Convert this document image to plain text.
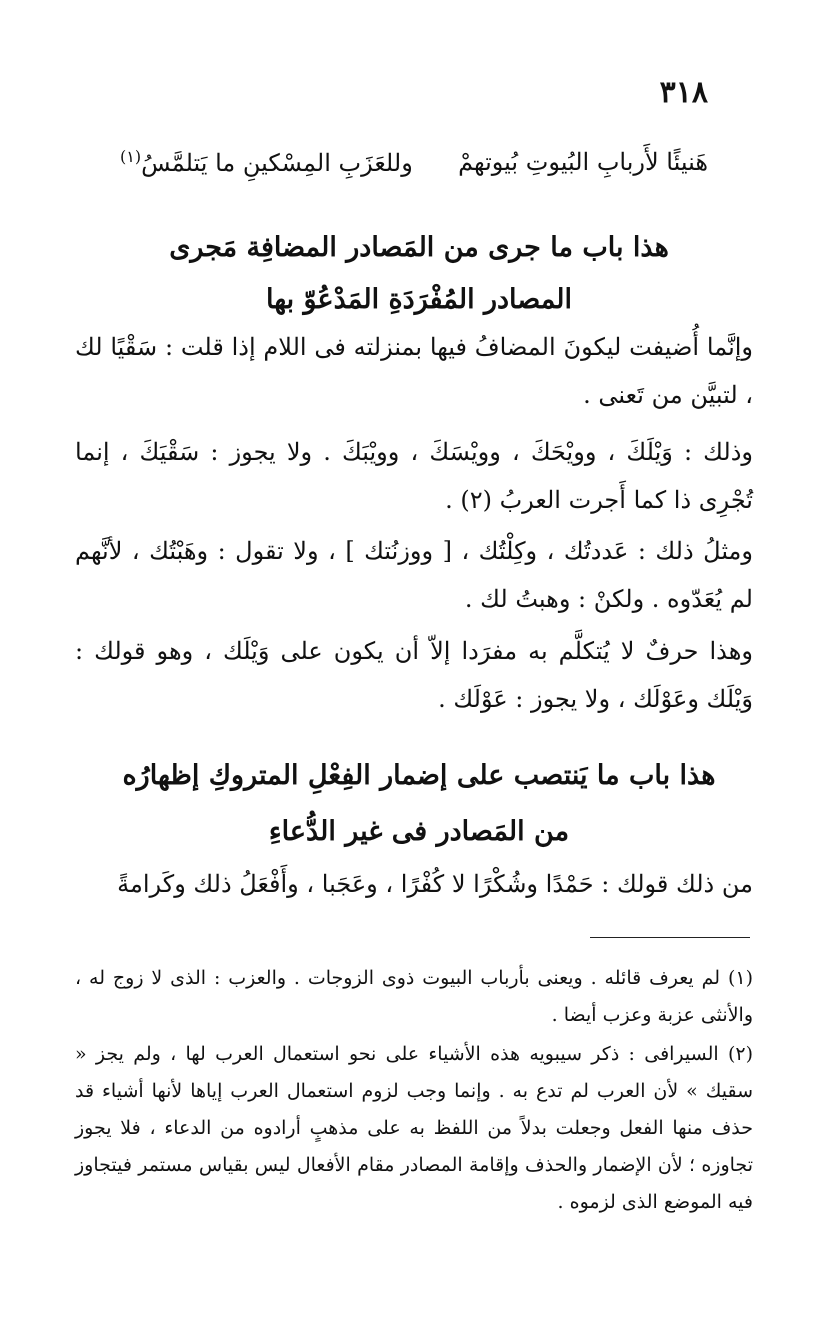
٣١٨
هَنيئًا لأَربابِ البُيوتِ بُيوتهمْ
وللعَزَبِ المِسْكينِ ما يَتلمَّسُ$^{(١)}$
هذا باب ما جرى من المَصادر المضافِة مَجرى
المصادر المُفْرَدَةِ المَدْعُوّ بها

وإنَّما أُضيفت ليكونَ المضافُ فيها بمنزلته فى اللام إذا قلت : سَقْيًا لك ، لتبيَّن من تَعنى .

وذلك : وَيْلَكَ ، وويْحَكَ ، وويْسَكَ ، وويْبَكَ . ولا يجوز : سَقْيَكَ ، إنما تُجْرِى ذا كما أَجرت العربُ (٢) .

ومثلُ ذلك : عَددتُك ، وكِلْتُك ، [ ووزنُتك ] ، ولا تقول : وهَبْتُك ، لأنَّهم لم يُعَدّوه . ولكنْ : وهبتُ لك .

وهذا حرفٌ لا يُتكلَّم به مفرَدا إلاّ أن يكون على وَيْلَك ، وهو قولك : وَيْلَك وعَوْلَك ، ولا يجوز : عَوْلَك .

هذا باب ما يَنتصب على إضمار الفِعْلِ المتروكِ إظهارُه
من المَصادر فى غير الدُّعاءِ

من ذلك قولك : حَمْدًا وشُكْرًا لا كُفْرًا ، وعَجَبا ، وأَفْعَلُ ذلك وكَرامةً

(١) لم يعرف قائله . ويعنى بأرباب البيوت ذوى الزوجات . والعزب : الذى لا زوج له ، والأنثى عزبة وعزب أيضا .

(٢) السيرافى : ذكر سيبويه هذه الأشياء على نحو استعمال العرب لها ، ولم يجز « سقيك » لأن العرب لم تدع به . وإنما وجب لزوم استعمال العرب إياها لأنها أشياء قد حذف منها الفعل وجعلت بدلاً من اللفظ به على مذهبٍ أرادوه من الدعاء ، فلا يجوز تجاوزه ؛ لأن الإضمار والحذف وإقامة المصادر مقام الأفعال ليس بقياس مستمر فيتجاوز فيه الموضع الذى لزموه .
